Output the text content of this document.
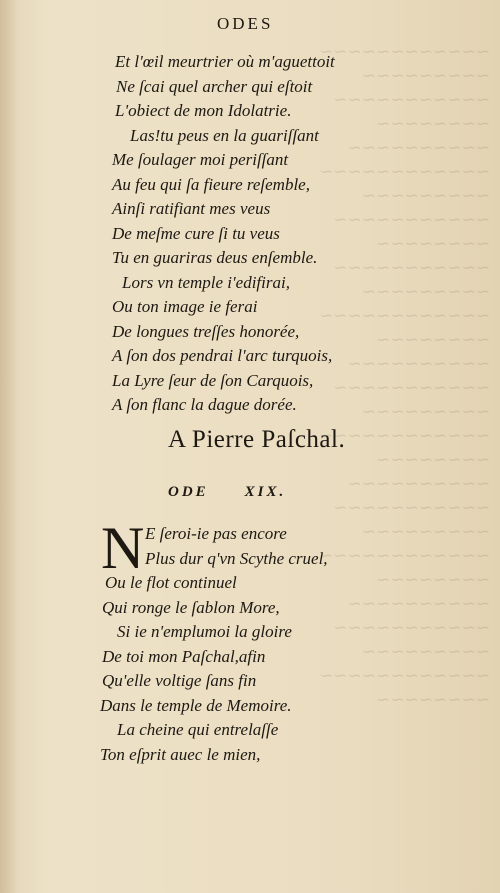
~~~~~~~~~~~~
~~~~~~~~~
~~~~~~~~~~~
~~~~~~~~
~~~~~~~~~~
~~~~~~~~~~~~
~~~~~~~~~
~~~~~~~~~~~
~~~~~~~~
~~~~~~~~~~~
~~~~~~~~~
~~~~~~~~~~~~
~~~~~~~~
~~~~~~~~~~
~~~~~~~~~~~
~~~~~~~~~
~~~~~~~~~~~~
~~~~~~~~
~~~~~~~~~~
~~~~~~~~~~~
~~~~~~~~~
~~~~~~~~~~~~
~~~~~~~~
~~~~~~~~~~
~~~~~~~~~~~
~~~~~~~~~
~~~~~~~~~~~~
~~~~~~~~
ODES
Et l'œil meurtrier où m'aguettoit
Ne ſcai quel archer qui eſtoit
L'obiect de mon Idolatrie.
Las!tu peus en la guariſſant
Me ſoulager moi periſſant
Au feu qui ſa fieure reſemble,
Ainſi ratifiant mes veus
De meſme cure ſi tu veus
Tu en guariras deus enſemble.
Lors vn temple i'edifirai,
Ou ton image ie ferai
De longues treſſes honorée,
A ſon dos pendrai l'arc turquois,
La Lyre ſeur de ſon Carquois,
A ſon flanc la dague dorée.
A Pierre Paſchal.
ODE XIX.
N E ſeroi-ie pas encore
Plus dur q'vn Scythe cruel,
Ou le flot continuel
Qui ronge le ſablon More,
Si ie n'emplumoi la gloire
De toi mon Paſchal,afin
Qu'elle voltige ſans fin
Dans le temple de Memoire.
La cheine qui entrelaſſe
Ton eſprit auec le mien,
